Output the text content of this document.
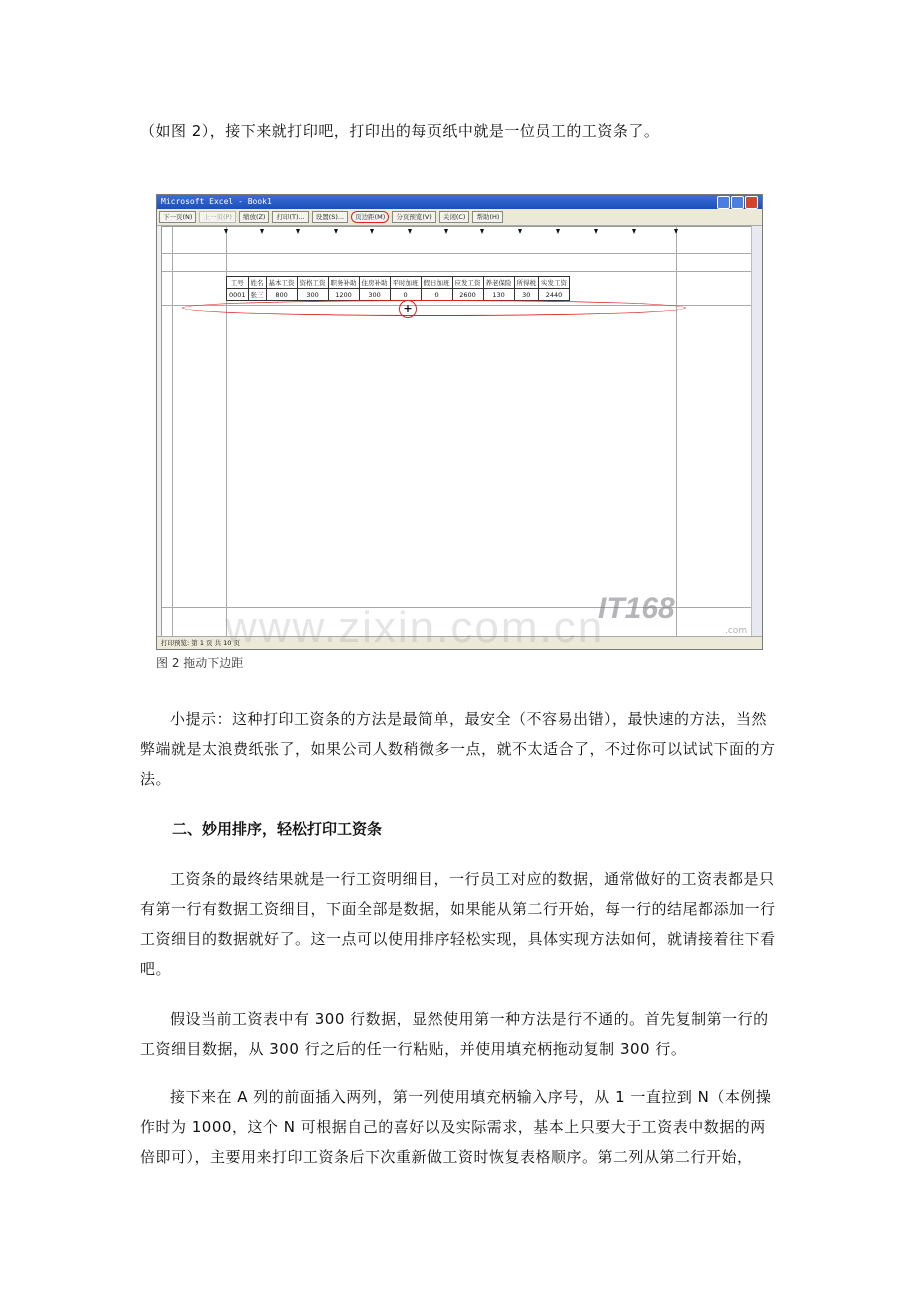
（如图 2），接下来就打印吧，打印出的每页纸中就是一位员工的工资条了。

Microsoft Excel - Book1
下一页(N)	上一页(P)	缩放(Z)	打印(T)...	设置(S)...	页边距(M)	分页预览(V)	关闭(C)	帮助(H)
工号	姓名	基本工资	资格工资	职务补助	住房补助	平时加班	假日加班	应发工资	养老保险	所得税	实发工资
0001	张三	800	300	1200	300	0	0	2600	130	30	2440
+
打印预览: 第 1 页 共 10 页
www.zixin.com.cn
IT168
.com
图 2 拖动下边距

小提示：这种打印工资条的方法是最简单，最安全（不容易出错），最快速的方法，当然弊端就是太浪费纸张了，如果公司人数稍微多一点，就不太适合了，不过你可以试试下面的方法。

二、妙用排序，轻松打印工资条

工资条的最终结果就是一行工资明细目，一行员工对应的数据，通常做好的工资表都是只有第一行有数据工资细目，下面全部是数据，如果能从第二行开始，每一行的结尾都添加一行工资细目的数据就好了。这一点可以使用排序轻松实现，具体实现方法如何，就请接着往下看吧。

假设当前工资表中有 300 行数据，显然使用第一种方法是行不通的。首先复制第一行的工资细目数据，从 300 行之后的任一行粘贴，并使用填充柄拖动复制 300 行。

接下来在 A 列的前面插入两列，第一列使用填充柄输入序号，从 1 一直拉到 N（本例操作时为 1000，这个 N 可根据自己的喜好以及实际需求，基本上只要大于工资表中数据的两倍即可），主要用来打印工资条后下次重新做工资时恢复表格顺序。第二列从第二行开始，
